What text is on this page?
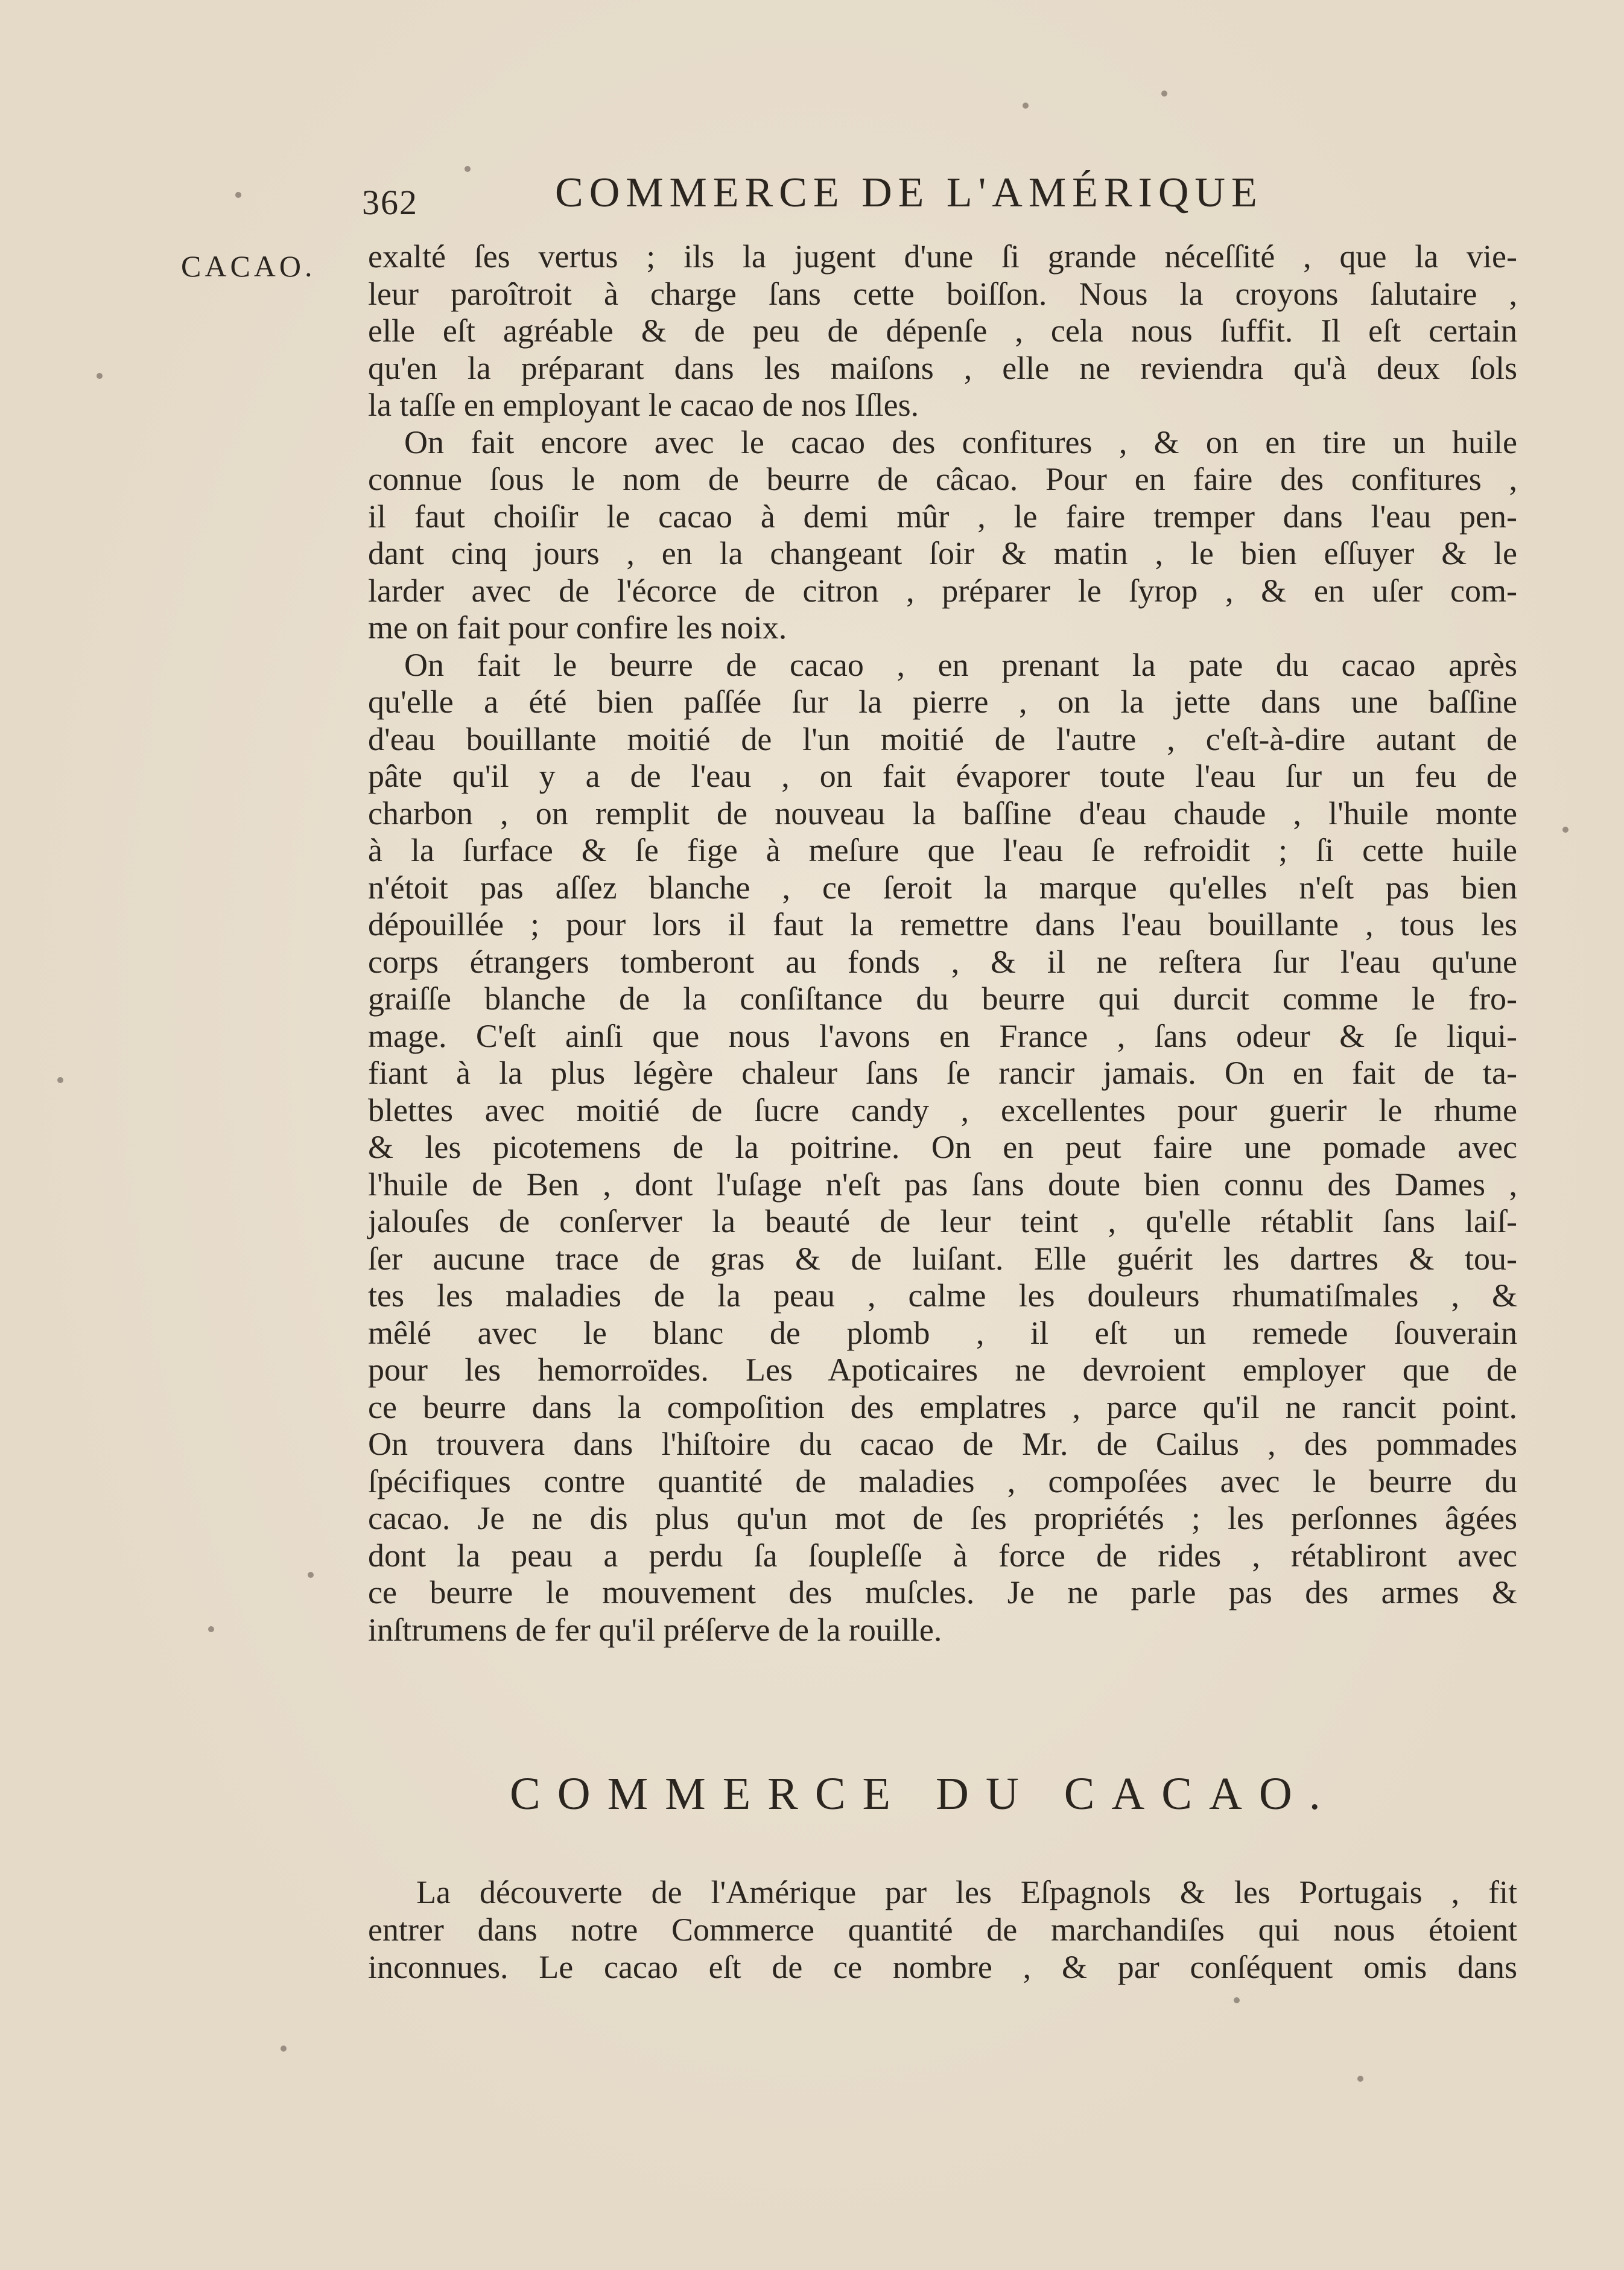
362	COMMERCE DE L'AMÉRIQUE
CACAO. exalté ſes vertus ; ils la jugent d'une ſi grande néceſſité , que la vie-
leur paroîtroit à charge ſans cette boiſſon. Nous la croyons ſalutaire ,
elle eſt agréable & de peu de dépenſe , cela nous ſuffit. Il eſt certain
qu'en la préparant dans les maiſons , elle ne reviendra qu'à deux ſols
la taſſe en employant le cacao de nos Iſles.
On fait encore avec le cacao des confitures , & on en tire un huile
connue ſous le nom de beurre de câcao. Pour en faire des confitures ,
il faut choiſir le cacao à demi mûr , le faire tremper dans l'eau pen-
dant cinq jours , en la changeant ſoir & matin , le bien eſſuyer & le
larder avec de l'écorce de citron , préparer le ſyrop , & en uſer com-
me on fait pour confire les noix.
On fait le beurre de cacao , en prenant la pate du cacao après
qu'elle a été bien paſſée ſur la pierre , on la jette dans une baſſine
d'eau bouillante moitié de l'un moitié de l'autre , c'eſt-à-dire autant de
pâte qu'il y a de l'eau , on fait évaporer toute l'eau ſur un feu de
charbon , on remplit de nouveau la baſſine d'eau chaude , l'huile monte
à la ſurface & ſe fige à meſure que l'eau ſe refroidit ; ſi cette huile
n'étoit pas aſſez blanche , ce ſeroit la marque qu'elles n'eſt pas bien
dépouillée ; pour lors il faut la remettre dans l'eau bouillante , tous les
corps étrangers tomberont au fonds , & il ne reſtera ſur l'eau qu'une
graiſſe blanche de la conſiſtance du beurre qui durcit comme le fro-
mage. C'eſt ainſi que nous l'avons en France , ſans odeur & ſe liqui-
fiant à la plus légère chaleur ſans ſe rancir jamais. On en fait de ta-
blettes avec moitié de ſucre candy , excellentes pour guerir le rhume
& les picotemens de la poitrine. On en peut faire une pomade avec
l'huile de Ben , dont l'uſage n'eſt pas ſans doute bien connu des Dames ,
jalouſes de conſerver la beauté de leur teint , qu'elle rétablit ſans laiſ-
ſer aucune trace de gras & de luiſant. Elle guérit les dartres & tou-
tes les maladies de la peau , calme les douleurs rhumatiſmales , &
mêlé avec le blanc de plomb , il eſt un remede ſouverain
pour les hemorroïdes. Les Apoticaires ne devroient employer que de
ce beurre dans la compoſition des emplatres , parce qu'il ne rancit point.
On trouvera dans l'hiſtoire du cacao de Mr. de Cailus , des pommades
ſpécifiques contre quantité de maladies , compoſées avec le beurre du
cacao. Je ne dis plus qu'un mot de ſes propriétés ; les perſonnes âgées
dont la peau a perdu ſa ſoupleſſe à force de rides , rétabliront avec
ce beurre le mouvement des muſcles. Je ne parle pas des armes &
inſtrumens de fer qu'il préſerve de la rouille.
COMMERCE DU CACAO.
La découverte de l'Amérique par les Eſpagnols & les Portugais , fit
entrer dans notre Commerce quantité de marchandiſes qui nous étoient
inconnues. Le cacao eſt de ce nombre , & par conſéquent omis dans
